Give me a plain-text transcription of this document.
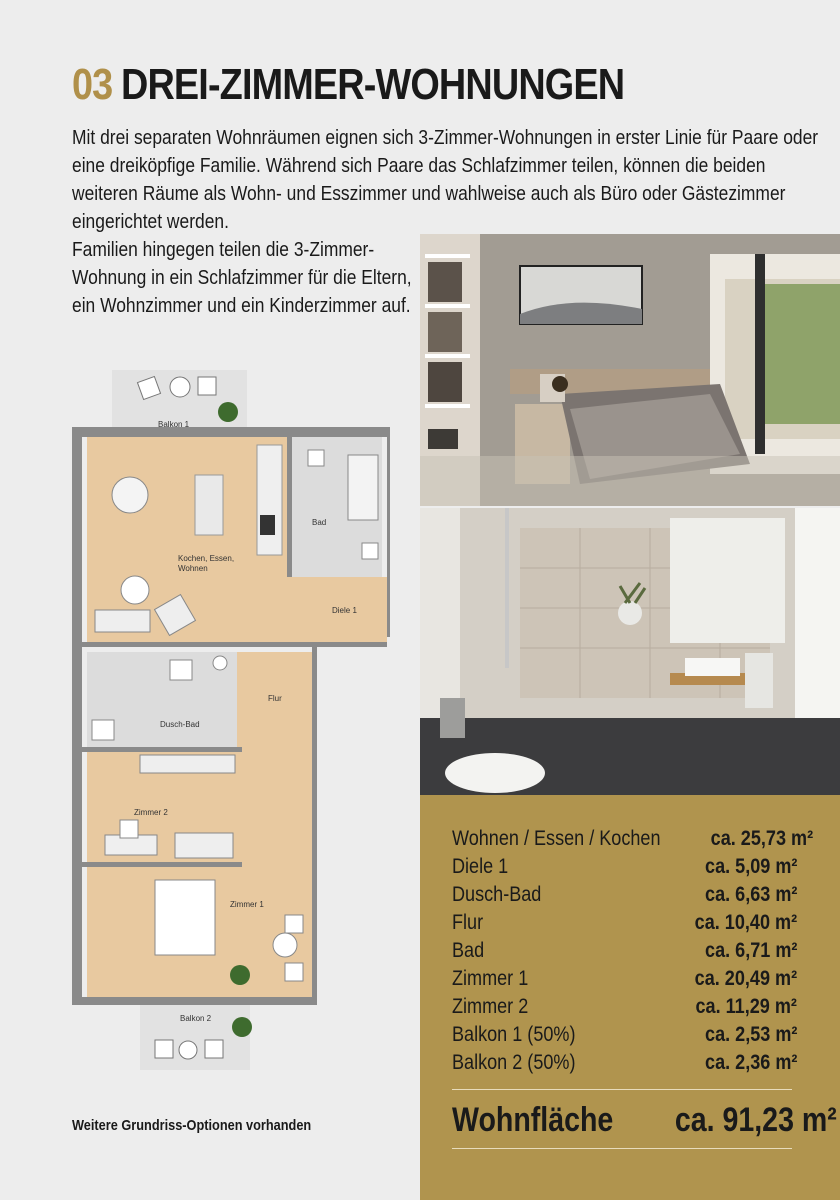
03 DREI-ZIMMER-WOHNUNGEN

Mit drei separaten Wohnräumen eignen sich 3-Zimmer-Wohnungen in erster Linie für Paare oder eine dreiköpfige Familie. Während sich Paare das Schlafzimmer teilen, können die beiden weiteren Räume als Wohn- und Esszimmer und wahlweise auch als Büro oder Gästezimmer eingerichtet werden.

Familien hingegen teilen die 3-Zimmer-Wohnung in ein Schlafzimmer für die Eltern, ein Wohnzimmer und ein Kinderzimmer auf.

Wohnen / Essen / Kochen ca. 25,73 m²
Diele 1	ca. 5,09 m²
Dusch-Bad	ca. 6,63 m²
Flur	ca. 10,40 m²
Bad	ca. 6,71 m²
Zimmer 1	ca. 20,49 m²
Zimmer 2	ca. 11,29 m²
Balkon 1 (50%)	ca. 2,53 m²
Balkon 2 (50%)	ca. 2,36 m²
Wohnfläche ca. 91,23 m²
Balkon 1
Kochen, Essen,
Wohnen
Bad
Diele 1
Flur
Dusch-Bad
Zimmer 2
Zimmer 1
Balkon 2

Weitere Grundriss-Optionen vorhanden
